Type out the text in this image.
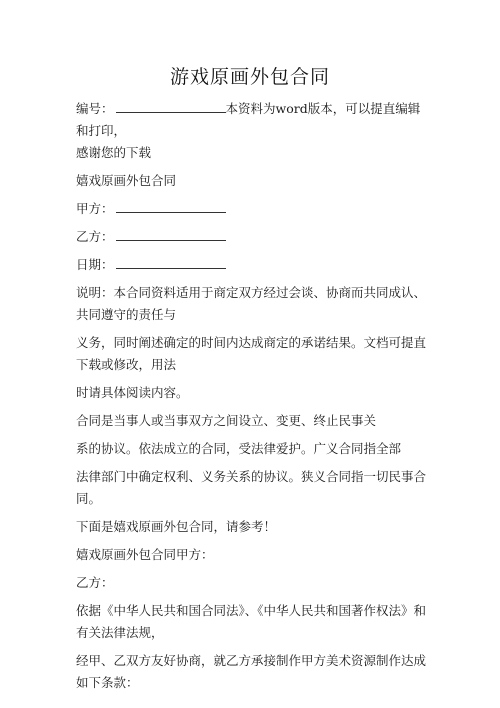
游戏原画外包合同
编号：	本资料为word版本，可以提直编辑和打印，
感谢您的下载
嬉戏原画外包合同
甲方：
乙方：
日期：
说明：本合同资料适用于商定双方经过会谈、协商而共同成认、共同遵守的责任与
义务，同时阐述确定的时间内达成商定的承诺结果。文档可提直下载或修改，用法
时请具体阅读内容。
合同是当事人或当事双方之间设立、变更、终止民事关
系的协议。依法成立的合同，受法律爱护。广义合同指全部
法律部门中确定权利、义务关系的协议。狭义合同指一切民事合同。
下面是嬉戏原画外包合同，请参考！
嬉戏原画外包合同甲方：
乙方：
依据《中华人民共和国合同法》、《中华人民共和国著作权法》和有关法律法规，
经甲、乙双方友好协商，就乙方承接制作甲方美术资源制作达成如下条款：
